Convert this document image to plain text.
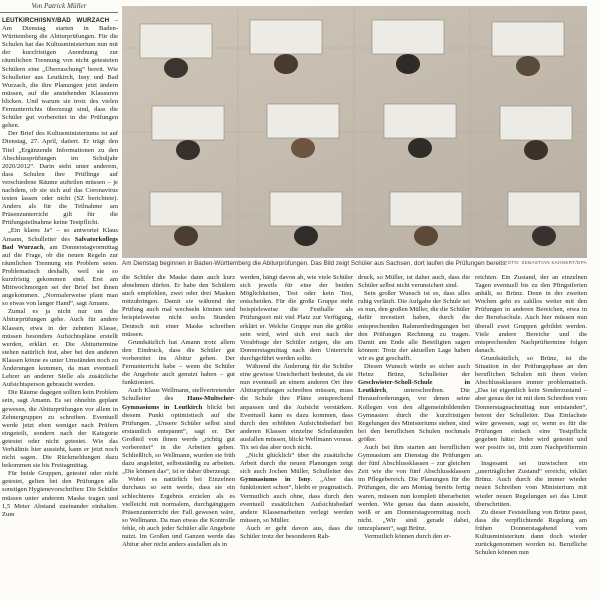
Von Patrick Müller

LEUTKIRCH/ISNY/BAD WURZACH – Am Dienstag starten in Baden-Württemberg die Abiturprüfungen. Für die Schulen hat das Kultusministerium nun mit der kurzfristigen Anordnung zur räumlichen Trennung von nicht getesteten Schülern eine „Überraschung“ bereit. Wie Schulleiter aus Leutkirch, Isny und Bad Wurzach, die ihre Planungen jetzt ändern müssen, auf die anstehenden Klausuren blicken. Und warum sie trotz des vielen Fernunterrichts überzeugt sind, dass die Schüler gut vorbereitet in die Prüfungen gehen.

Der Brief des Kultusministeriums ist auf Dienstag, 27. April, datiert. Er trägt den Titel „Ergänzende Informationen zu den Abschlussprüfungen im Schuljahr 2020/2012“. Darin steht unter anderem, dass Schulen ihre Prüflinge auf verschiedene Räume aufteilen müssen – je nachdem, ob sie sich auf das Coronavirus testen lassen oder nicht (SZ berichtete). Anders als für die Teilnahme am Präsenzunterricht gilt für die Prüfungsteilnahme keine Testpflicht.

„Ein klares Ja“ – so antwortet Klaus Amann, Schulleiter des Salvatorkollegs Bad Wurzach, am Donnerstagvormittag auf die Frage, ob die neuen Regeln zur räumlichen Trennung ein Problem seien. Problematisch deshalb, weil sie so kurzfristig gekommen sind. Erst am Mittwochmorgen sei der Brief bei ihnen angekommen. „Normalerweise plant man so etwas von langer Hand“, sagt Amann.

Zumal es ja nicht nur um die Abiturprüfungen gehe. Auch für andere Klassen, etwa in der zehnten Klasse, müssen besonders Aufsichtspläne erstellt werden, erklärt er. Die Abiturtermine stehen natürlich fest, aber bei den anderen Klassen könne es unter Umständen noch zu Änderungen kommen, da man eventuell Lehrer an anderer Stelle als zusätzliche Aufsichtsperson gebraucht werden.

Die Räume dagegen sollten kein Problem sein, sagt Amann. Es sei ohnehin geplant gewesen, die Abiturprüfungen vor allem in Zehnergruppen zu schreiben. Eventuell werde jetzt eben weniger nach Prüfern eingeteilt, sondern nach der Kategorie getestet oder nicht getestet. Wie das Verhältnis hier aussieht, kann er jetzt noch nicht sagen. Die Rückmeldungen dazu bekommen sie bis Freitagmittag.

Für beide Gruppen, getestet oder nicht getestet, gelten bei den Prüfungen alle sonstigen Hygienevorschriften: Die Schüler müssen unter anderem Maske tragen und 1,5 Meter Abstand zueinander einhalten. Zum

Am Dienstag beginnen in Baden-Württemberg die Abiturprüfungen. Das Bild zeigt Schüler aus Sachsen, dort laufen die Prüfungen bereits.
FOTO: SEBASTIAN KAHNERT/DPA

die Schüler die Maske dann auch kurz abnehmen dürfen. Er habe den Schülern auch empfohlen, zwei oder drei Masken mitzubringen. Damit sie während der Prüfung auch mal wechseln können und beispielsweise nicht sechs Stunden Deutsch mit einer Maske schreiben müssen.

Grundsätzlich hat Amann trotz allem den Eindruck, dass die Schüler gut vorbereitet ins Abitur gehen. Der Fernunterricht habe – wenn die Schüler die Angebote auch genutzt haben – gut funktioniert.

Auch Klaus Wellmann, stellvertretender Schulleiter des Hans-Multscher-Gymnasiums in Leutkirch blickt bei diesem Punkt optimistisch auf die Prüfungen. „Unsere Schüler selbst sind erstaunlich entspannt“, sagt er. Der Großteil von ihnen werde „richtig gut vorbereitet“ in die Arbeiten gehen. Schließlich, so Wellmann, wurden sie früh dazu angeleitet, selbstständig zu arbeiten. „Die können das“, ist er daher überzeugt.

Wobei es natürlich bei Einzelnen durchaus so sein werde, dass sie ein schlechteres Ergebnis erzielen als es vielleicht mit normalem, durchgängigem Präsenzunterricht der Fall gewesen wäre, so Wellmann. Da man etwas die Kontrolle fehle, ob auch jeder Schüler alle Angebote nutzt. Im Großen und Ganzen werde das Abitur aber nicht anders ausfallen als in

werden, hängt davon ab, wie viele Schüler sich jeweils für eine der beiden Möglichkeiten, Test oder kein Test, entscheiden. Für die große Gruppe steht beispielsweise die Festhalle als Prüfungsort mit viel Platz zur Verfügung, erklärt er. Welche Gruppe nun die größte sein wird, wird sich erst nach der Vorabfrage der Schüler zeigen, die am Donnerstagmittag nach dem Unterricht durchgeführt werden sollte.

Während die Änderung für die Schüler eine gewisse Unsicherheit bedeutet, da sie nun eventuell an einem anderen Ort ihre Abiturprüfungen schreiben müssen, muss die Schule ihre Pläne entsprechend anpassen und die Aufsicht verstärken. Eventuell kann es dazu kommen, dass durch den erhöhten Aufsichtsbedarf bei anderen Klassen einzelne Schulstunden ausfallen müssen, blickt Wellmann voraus. Tix sei das aber noch nicht.

„Nicht glücklich“ über die zusätzliche Arbeit durch die neuen Planungen zeigt sich auch Jochen Müller, Schulleiter des Gymnasiums in Isny. „Aber das funktioniert schon“, bleibt er pragmatisch. Vermutlich auch ohne, dass durch den eventuell zusätzlichen Aufsichtsbedarf andere Klassenarbeiten verlegt werden müssen, so Müller.

Auch er geht davon aus, dass die Schüler trotz der besonderen Rah-

druck, so Müller, ist daher auch, dass die Schüler selbst nicht verunsichert sind.

Sein großer Wunsch ist es, dass alles ruhig verläuft. Die Aufgabe der Schule sei es nun, den großen Müller, die die Schüler dafür investiert haben, durch die entsprechenden Rahmenbedingungen bei den Prüfungen Rechnung zu tragen. Damit am Ende alle Beteiligten sagen können: Trotz der aktuellen Lage haben wir es gut geschafft.

Diesen Wunsch würde so sicher auch Heinz Brünz, Schulleiter der Geschwister-Scholl-Schule in Leutkirch, unterschreiben. Die Herausforderungen, vor denen seine Kollegen von den allgemeinbildenden Gymnasien durch die kurzfristigen Regelungen des Ministeriums stehen, sind bei den beruflichen Schulen nochmals größer.

Auch bei ihm starten am beruflichen Gymnasium am Dienstag die Prüfungen der fünf Abschlussklassen – zur gleichen Zeit wie die von fünf Abschlussklassen im Pflegebereich. Die Planungen für die Prüfungen, die am Montag bereits fertig waren, müssen nun komplett überarbeitet werden. Wie genau das dann aussieht, weiß er am Donnerstagvormittag noch nicht. „Wir sind gerade dabei, umzuplanen“, sagt Brünz.

Vermutlich können durch den er-

reichten. Ein Zustand, der an einzelnen Tagen eventuell bis zu den Pfingstferien anhält, so Brünz. Denn in der zweiten Wochen geht es zahllos weiter mit den Prüfungen in anderen Bereichen, etwa in der Berufsschule. Auch hier müssen nun überall zwei Gruppen gebildet werden. Viele andere Bereiche und die entsprechenden Nachprüftermine folgen danach.

Grundsätzlich, so Brünz, ist die Situation in der Prüfungsphase an den beruflichen Schulen mit ihren vielen Abschlussklassen immer problematisch. „Das ist eigentlich kein Sonderzustand – aber genau der ist mit dem Schreiben vom Donnerstagnachmittag nun entstanden“, betont der Schulleiter. Das Einfachste wäre gewesen, sagt er, wenn es für die Prüfungen einfach eine Testpflicht gegeben hätte: Jeder wird getestet und wer positiv ist, tritt zum Nachprüftermin an.

Insgesamt sei inzwischen ein „unerträglicher Zustand“ erreicht, erklärt Brünz. Auch durch die immer wieder neuen Schreiben vom Ministerium mit wieder neuen Regelungen sei das Limit überschritten.

Zu dieser Feststellung von Brünz passt, dass die verpflichtende Regelung am frühen Donnerstagabend vom Kultusministerium dann doch wieder zurückgenommen worden ist. Berufliche Schulen können nun
